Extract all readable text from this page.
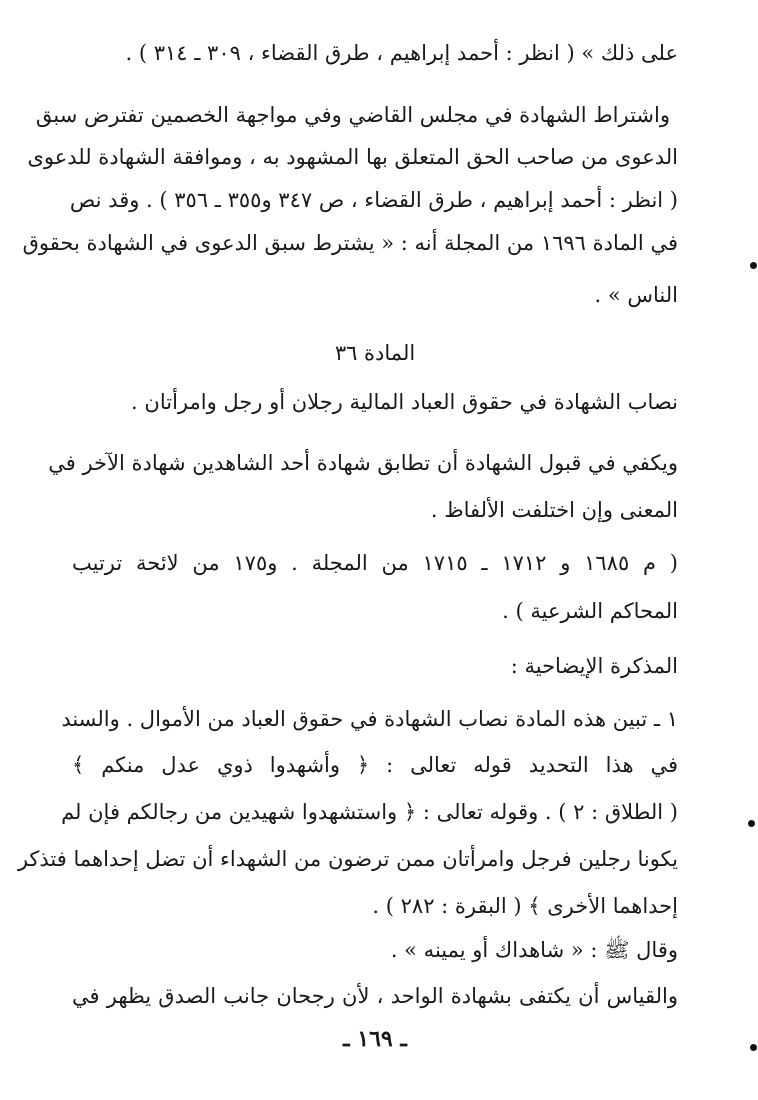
على ذلك » ( انظر : أحمد إبراهيم ، طرق القضاء ، ٣٠٩ ـ ٣١٤ ) .
واشتراط الشهادة في مجلس القاضي وفي مواجهة الخصمين تفترض سبق
الدعوى من صاحب الحق المتعلق بها المشهود به ، وموافقة الشهادة للدعوى
( انظر : أحمد إبراهيم ، طرق القضاء ، ص ٣٤٧ و٣٥٥ ـ ٣٥٦ ) . وقد نص
في المادة ١٦٩٦ من المجلة أنه : « يشترط سبق الدعوى في الشهادة بحقوق
الناس » .
المادة ٣٦
نصاب الشهادة في حقوق العباد المالية رجلان أو رجل وامرأتان .
ويكفي في قبول الشهادة أن تطابق شهادة أحد الشاهدين شهادة الآخر في
المعنى وإن اختلفت الألفاظ .
( م ١٦٨٥ و ١٧١٢ ـ ١٧١٥ من المجلة . و١٧٥ من لائحة ترتيب
المحاكم الشرعية ) .
المذكرة الإيضاحية :
١ ـ تبين هذه المادة نصاب الشهادة في حقوق العباد من الأموال . والسند
في هذا التحديد قوله تعالى : ﴿ وأشهدوا ذوي عدل منكم ﴾
( الطلاق : ٢ ) . وقوله تعالى : ﴿ واستشهدوا شهيدين من رجالكم فإن لم
يكونا رجلين فرجل وامرأتان ممن ترضون من الشهداء أن تضل إحداهما فتذكر
إحداهما الأخرى ﴾ ( البقرة : ٢٨٢ ) .
وقال ﷺ : « شاهداك أو يمينه » .
والقياس أن يكتفى بشهادة الواحد ، لأن رجحان جانب الصدق يظهر في
ـ ١٦٩ ـ
